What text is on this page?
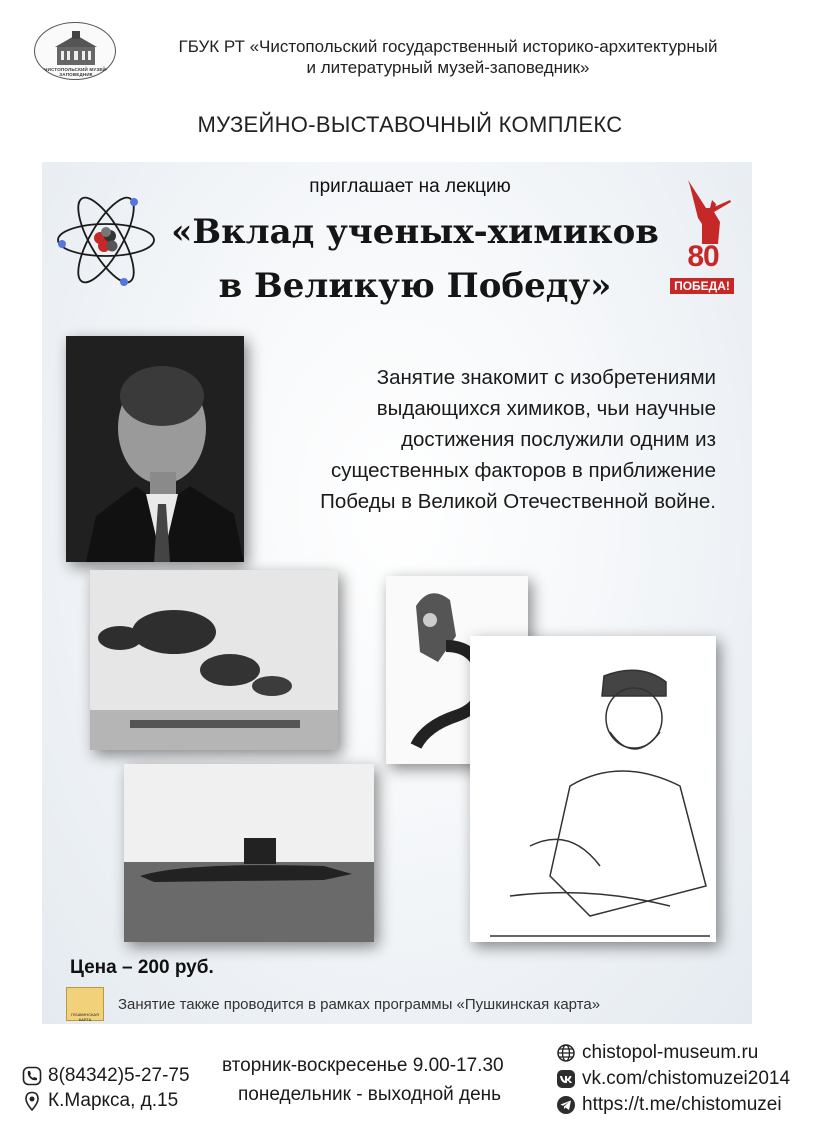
ЧИСТОПОЛЬСКИЙ МУЗЕЙ-ЗАПОВЕДНИК
ГБУК РТ «Чистопольский государственный историко-архитектурный
и литературный музей-заповедник»
МУЗЕЙНО-ВЫСТАВОЧНЫЙ КОМПЛЕКС
приглашает на лекцию
«Вклад ученых-химиков
в Великую Победу»
80
ПОБЕДА!
Занятие знакомит с изобретениями выдающихся химиков, чьи научные достижения послужили одним из существенных факторов в приближение Победы в Великой Отечественной войне.
Цена – 200 руб.
ПУШКИНСКАЯ КАРТА
Занятие также проводится в рамках программы «Пушкинская карта»
8(84342)5-27-75
К.Маркса, д.15
вторник-воскресенье 9.00-17.30
понедельник - выходной день
chistopol-museum.ru
vk.com/chistomuzei2014
https://t.me/chistomuzei
